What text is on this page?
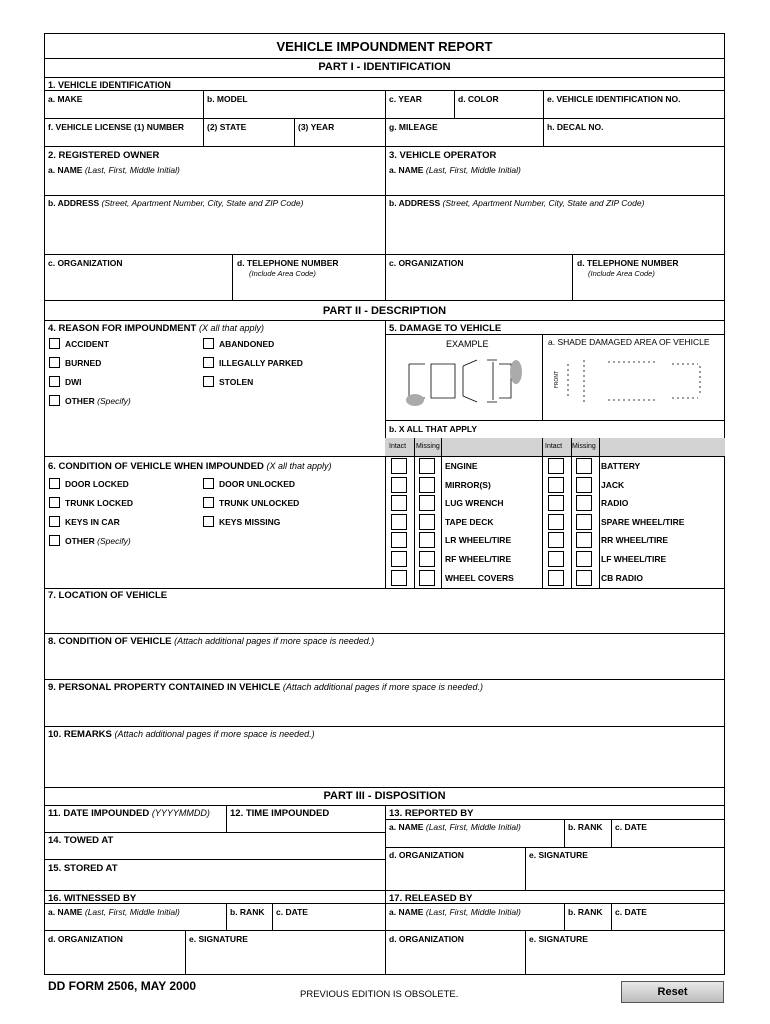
VEHICLE IMPOUNDMENT REPORT
PART I - IDENTIFICATION
1. VEHICLE IDENTIFICATION
a. MAKE	b. MODEL	c. YEAR	d. COLOR	e. VEHICLE IDENTIFICATION NO.
f. VEHICLE LICENSE (1) NUMBER	(2) STATE	(3) YEAR	g. MILEAGE	h. DECAL NO.
2. REGISTERED OWNER	3. VEHICLE OPERATOR
a. NAME (Last, First, Middle Initial)	a. NAME (Last, First, Middle Initial)
b. ADDRESS (Street, Apartment Number, City, State and ZIP Code)	b. ADDRESS (Street, Apartment Number, City, State and ZIP Code)
c. ORGANIZATION	d. TELEPHONE NUMBER
(Include Area Code)
c. ORGANIZATION	d. TELEPHONE NUMBER
(Include Area Code)
PART II - DESCRIPTION
4. REASON FOR IMPOUNDMENT (X all that apply)
ACCIDENT	ABANDONED
BURNED	ILLEGALLY PARKED
DWI	STOLEN
OTHER (Specify)
5. DAMAGE TO VEHICLE
EXAMPLE	a. SHADE DAMAGED AREA OF VEHICLE
FRONT
b. X ALL THAT APPLY
Intact Missing	Intact Missing
ENGINE	BATTERY
MIRROR(S)	JACK
LUG WRENCH	RADIO
TAPE DECK	SPARE WHEEL/TIRE
LR WHEEL/TIRE	RR WHEEL/TIRE
RF WHEEL/TIRE	LF WHEEL/TIRE
WHEEL COVERS	CB RADIO
6. CONDITION OF VEHICLE WHEN IMPOUNDED (X all that apply)
DOOR LOCKED	DOOR UNLOCKED
TRUNK LOCKED	TRUNK UNLOCKED
KEYS IN CAR	KEYS MISSING
OTHER (Specify)
7. LOCATION OF VEHICLE
8. CONDITION OF VEHICLE (Attach additional pages if more space is needed.)
9. PERSONAL PROPERTY CONTAINED IN VEHICLE (Attach additional pages if more space is needed.)
10. REMARKS (Attach additional pages if more space is needed.)
PART III - DISPOSITION
11. DATE IMPOUNDED (YYYYMMDD) 12. TIME IMPOUNDED
14. TOWED AT
15. STORED AT
13. REPORTED BY
a. NAME (Last, First, Middle Initial)	b. RANK c. DATE
d. ORGANIZATION	e. SIGNATURE
16. WITNESSED BY
a. NAME (Last, First, Middle Initial)	b. RANK c. DATE
d. ORGANIZATION	e. SIGNATURE
17. RELEASED BY
a. NAME (Last, First, Middle Initial)	b. RANK c. DATE
d. ORGANIZATION	e. SIGNATURE
DD FORM 2506, MAY 2000
PREVIOUS EDITION IS OBSOLETE.	Reset
